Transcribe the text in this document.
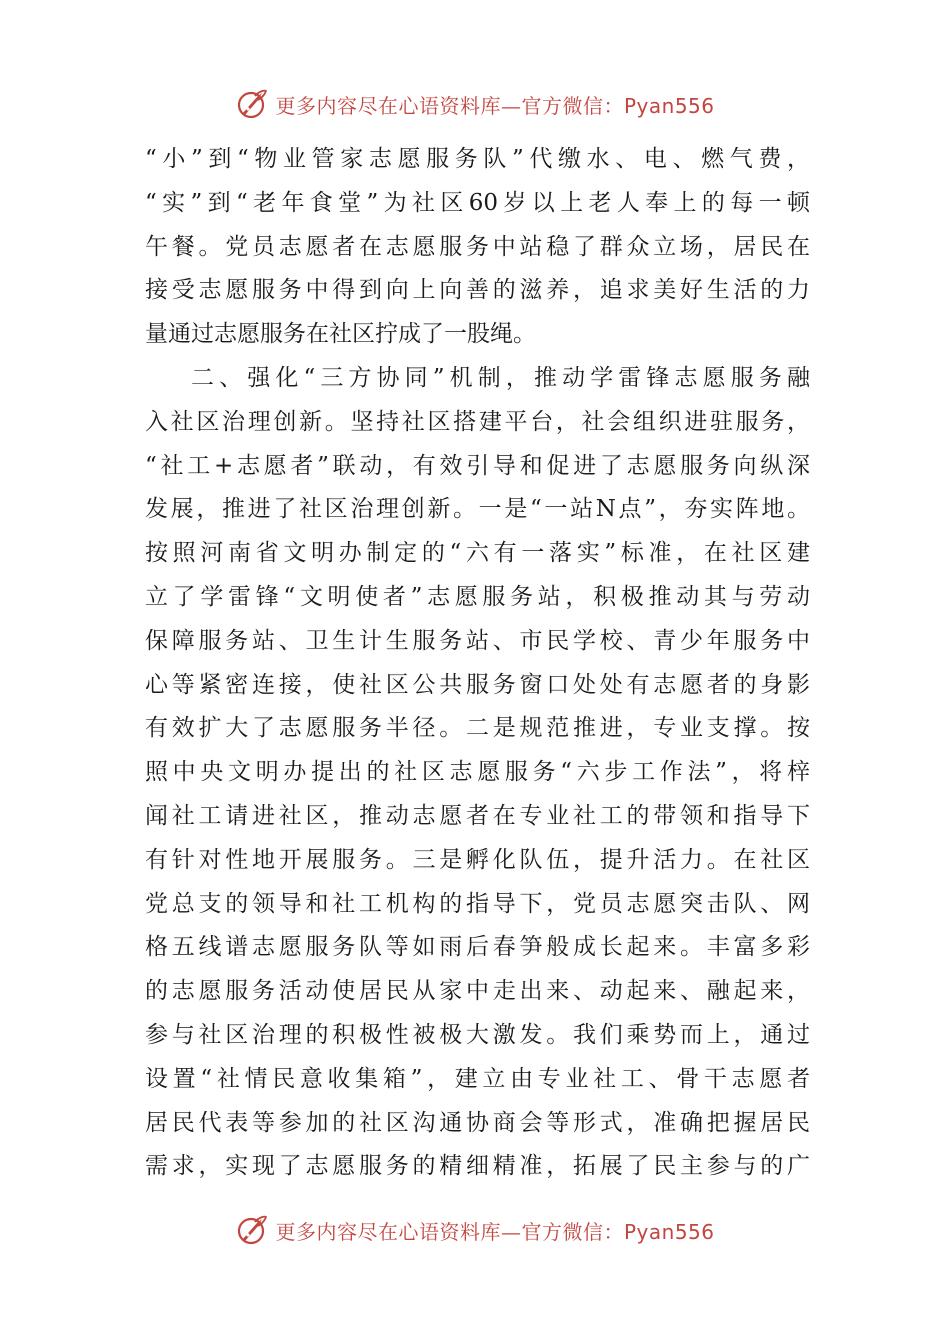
更多内容尽在心语资料库—官方微信：Pyan556
“小”到“物业管家志愿服务队”代缴水、电、燃气费，
“实”到“老年食堂”为社区60岁以上老人奉上的每一顿
午餐。党员志愿者在志愿服务中站稳了群众立场，居民在
接受志愿服务中得到向上向善的滋养，追求美好生活的力
量通过志愿服务在社区拧成了一股绳。
二、强化“三方协同”机制，推动学雷锋志愿服务融
入社区治理创新。坚持社区搭建平台，社会组织进驻服务，
“社工+志愿者”联动，有效引导和促进了志愿服务向纵深
发展，推进了社区治理创新。一是“一站N点”，夯实阵地。
按照河南省文明办制定的“六有一落实”标准，在社区建
立了学雷锋“文明使者”志愿服务站，积极推动其与劳动
保障服务站、卫生计生服务站、市民学校、青少年服务中
心等紧密连接，使社区公共服务窗口处处有志愿者的身影
有效扩大了志愿服务半径。二是规范推进，专业支撑。按
照中央文明办提出的社区志愿服务“六步工作法”，将梓
闻社工请进社区，推动志愿者在专业社工的带领和指导下
有针对性地开展服务。三是孵化队伍，提升活力。在社区
党总支的领导和社工机构的指导下，党员志愿突击队、网
格五线谱志愿服务队等如雨后春笋般成长起来。丰富多彩
的志愿服务活动使居民从家中走出来、动起来、融起来，
参与社区治理的积极性被极大激发。我们乘势而上，通过
设置“社情民意收集箱”，建立由专业社工、骨干志愿者
居民代表等参加的社区沟通协商会等形式，准确把握居民
需求，实现了志愿服务的精细精准，拓展了民主参与的广
更多内容尽在心语资料库—官方微信：Pyan556
